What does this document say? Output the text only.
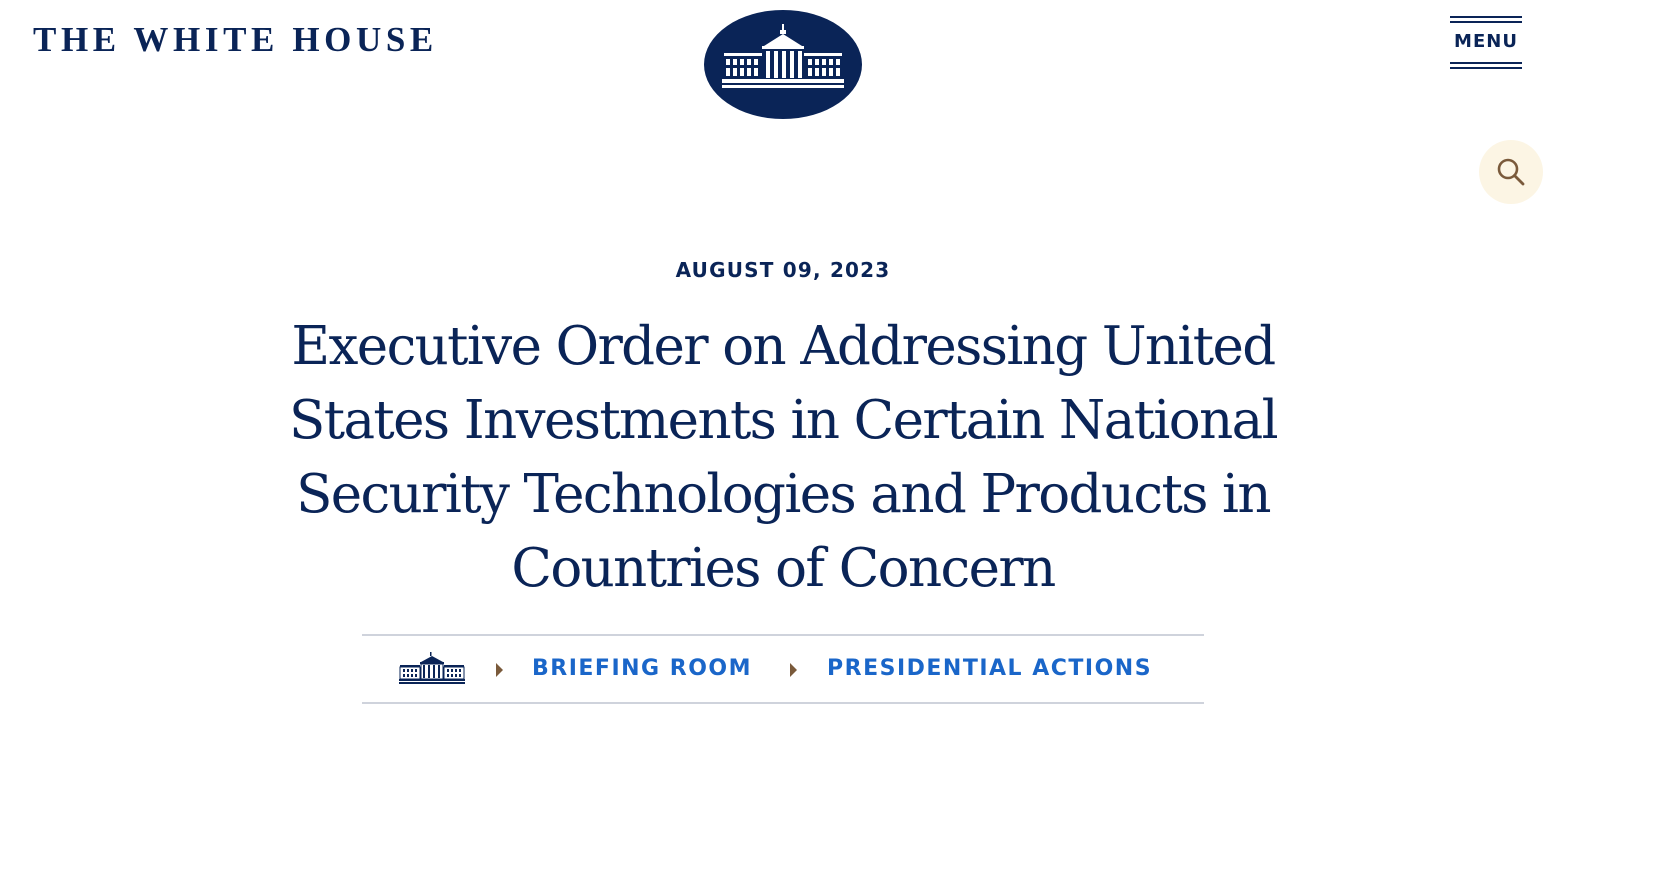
THE WHITE HOUSE	MENU
AUGUST 09, 2023
Executive Order on Addressing United States Investments in Certain National Security Technologies and Products in Countries of Concern
BRIEFING ROOM	PRESIDENTIAL ACTIONS
